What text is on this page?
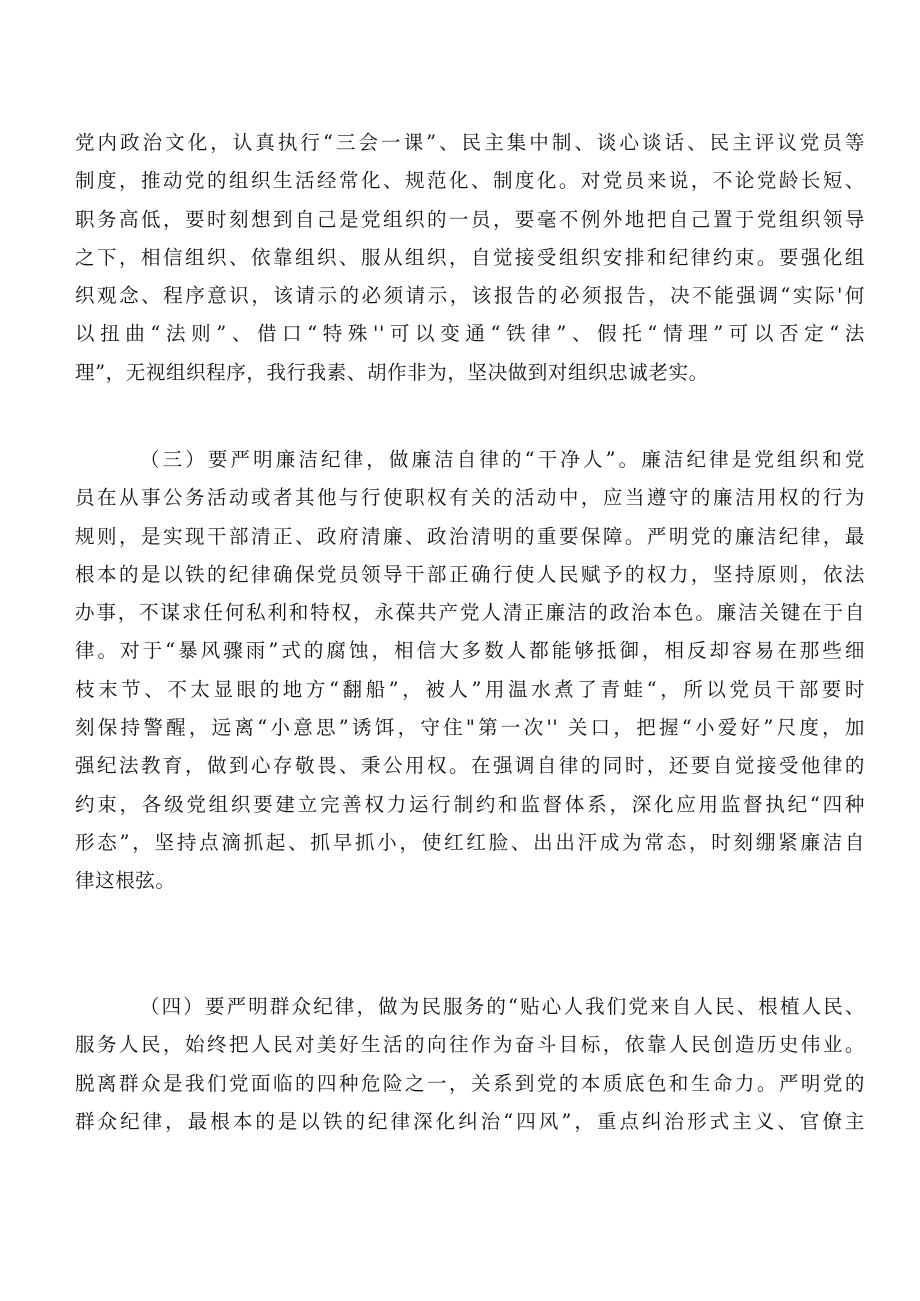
党内政治文化，认真执行“三会一课”、民主集中制、谈心谈话、民主评议党员等
制度，推动党的组织生活经常化、规范化、制度化。对党员来说，不论党龄长短、
职务高低，要时刻想到自己是党组织的一员，要毫不例外地把自己置于党组织领导
之下，相信组织、依靠组织、服从组织，自觉接受组织安排和纪律约束。要强化组
织观念、程序意识，该请示的必须请示，该报告的必须报告，决不能强调“实际'何
以扭曲“法则”、借口“特殊''可以变通“铁律”、假托“情理”可以否定“法
理”，无视组织程序，我行我素、胡作非为，坚决做到对组织忠诚老实。
（三）要严明廉洁纪律，做廉洁自律的“干净人”。廉洁纪律是党组织和党
员在从事公务活动或者其他与行使职权有关的活动中，应当遵守的廉洁用权的行为
规则，是实现干部清正、政府清廉、政治清明的重要保障。严明党的廉洁纪律，最
根本的是以铁的纪律确保党员领导干部正确行使人民赋予的权力，坚持原则，依法
办事，不谋求任何私利和特权，永葆共产党人清正廉洁的政治本色。廉洁关键在于自
律。对于“暴风骤雨”式的腐蚀，相信大多数人都能够抵御，相反却容易在那些细
枝末节、不太显眼的地方“翻船”，被人”用温水煮了青蛙“，所以党员干部要时
刻保持警醒，远离“小意思”诱饵，守住"第一次'' 关口，把握“小爱好”尺度，加
强纪法教育，做到心存敬畏、秉公用权。在强调自律的同时，还要自觉接受他律的
约束，各级党组织要建立完善权力运行制约和监督体系，深化应用监督执纪“四种
形态”，坚持点滴抓起、抓早抓小，使红红脸、出出汗成为常态，时刻绷紧廉洁自
律这根弦。
（四）要严明群众纪律，做为民服务的“贴心人我们党来自人民、根植人民、
服务人民，始终把人民对美好生活的向往作为奋斗目标，依靠人民创造历史伟业。
脱离群众是我们党面临的四种危险之一，关系到党的本质底色和生命力。严明党的
群众纪律，最根本的是以铁的纪律深化纠治“四风”，重点纠治形式主义、官僚主
